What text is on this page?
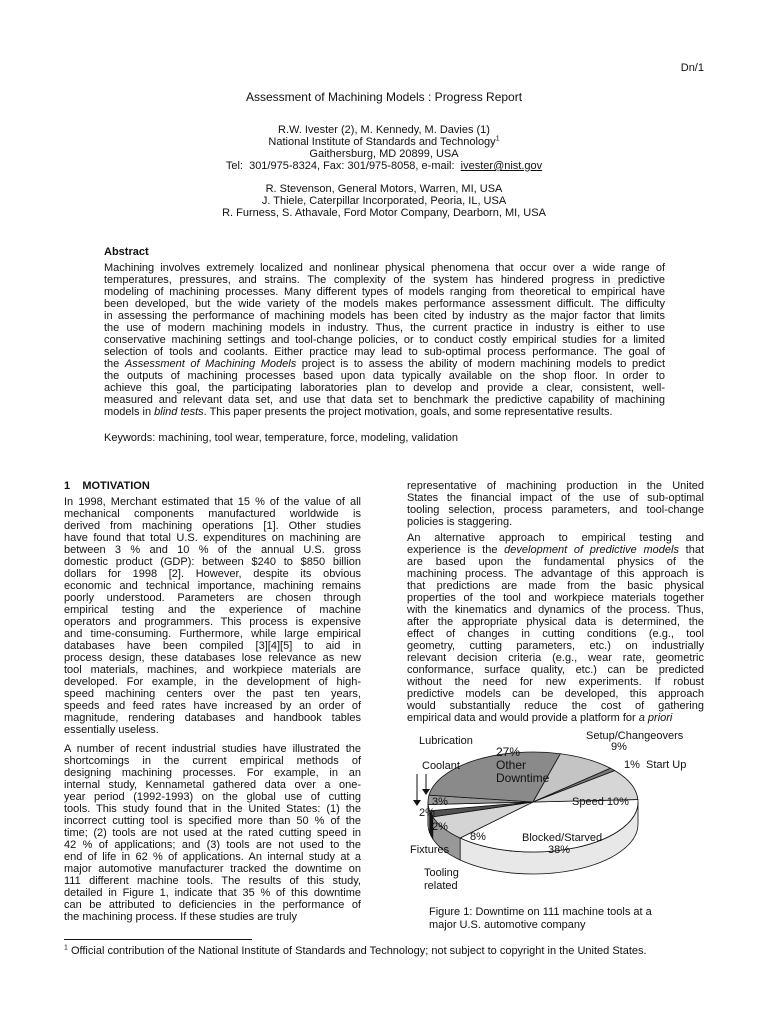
Dn/1
Assessment of Machining Models : Progress Report
R.W. Ivester (2), M. Kennedy, M. Davies (1)
National Institute of Standards and Technology$^1$
Gaithersburg, MD 20899, USA
Tel:  301/975-8324, Fax: 301/975-8058, e-mail:  ivester@nist.gov
R. Stevenson, General Motors, Warren, MI, USA
J. Thiele, Caterpillar Incorporated, Peoria, IL, USA
R. Furness, S. Athavale, Ford Motor Company, Dearborn, MI, USA
Abstract
Machining involves extremely localized and nonlinear physical phenomena that occur over a wide range of
temperatures, pressures, and strains. The complexity of the system has hindered progress in predictive
modeling of machining processes. Many different types of models ranging from theoretical to empirical have
been developed, but the wide variety of the models makes performance assessment difficult. The difficulty
in assessing the performance of machining models has been cited by industry as the major factor that limits
the use of modern machining models in industry. Thus, the current practice in industry is either to use
conservative machining settings and tool-change policies, or to conduct costly empirical studies for a limited
selection of tools and coolants. Either practice may lead to sub-optimal process performance. The goal of
the Assessment of Machining Models project is to assess the ability of modern machining models to predict
the outputs of machining processes based upon data typically available on the shop floor. In order to
achieve this goal, the participating laboratories plan to develop and provide a clear, consistent, well-
measured and relevant data set, and use that data set to benchmark the predictive capability of machining
models in blind tests. This paper presents the project motivation, goals, and some representative results.
Keywords: machining, tool wear, temperature, force, modeling, validation
1    MOTIVATION
In 1998, Merchant estimated that 15 % of the value of all
mechanical components manufactured worldwide is
derived from machining operations [1]. Other studies
have found that total U.S. expenditures on machining are
between 3 % and 10 % of the annual U.S. gross
domestic product (GDP): between $240 to $850 billion
dollars for 1998 [2]. However, despite its obvious
economic and technical importance, machining remains
poorly understood. Parameters are chosen through
empirical testing and the experience of machine
operators and programmers. This process is expensive
and time-consuming. Furthermore, while large empirical
databases have been compiled [3][4][5] to aid in
process design, these databases lose relevance as new
tool materials, machines, and workpiece materials are
developed. For example, in the development of high-
speed machining centers over the past ten years,
speeds and feed rates have increased by an order of
magnitude, rendering databases and handbook tables
essentially useless.
A number of recent industrial studies have illustrated the
shortcomings in the current empirical methods of
designing machining processes. For example, in an
internal study, Kennametal gathered data over a one-
year period (1992-1993) on the global use of cutting
tools. This study found that in the United States: (1) the
incorrect cutting tool is specified more than 50 % of the
time; (2) tools are not used at the rated cutting speed in
42 % of applications; and (3) tools are not used to the
end of life in 62 % of applications. An internal study at a
major automotive manufacturer tracked the downtime on
111 different machine tools. The results of this study,
detailed in Figure 1, indicate that 35 % of this downtime
can be attributed to deficiencies in the performance of
the machining process. If these studies are truly
representative of machining production in the United
States the financial impact of the use of sub-optimal
tooling selection, process parameters, and tool-change
policies is staggering.
An alternative approach to empirical testing and
experience is the development of predictive models that
are based upon the fundamental physics of the
machining process. The advantage of this approach is
that predictions are made from the basic physical
properties of the tool and workpiece materials together
with the kinematics and dynamics of the process. Thus,
after the appropriate physical data is determined, the
effect of changes in cutting conditions (e.g., tool
geometry, cutting parameters, etc.) on industrially
relevant decision criteria (e.g., wear rate, geometric
conformance, surface quality, etc.) can be predicted
without the need for new experiments. If robust
predictive models can be developed, this approach
would substantially reduce the cost of gathering
empirical data and would provide a platform for a priori
Lubrication
Coolant
3%
2%
2%
Fixtures
Tooling
related
27%
Other
Downtime
Setup/Changeovers
9%
1%  Start Up
Speed 10%
8%	Blocked/Starved
38%
Figure 1: Downtime on 111 machine tools at a
major U.S. automotive company
$^1$ Official contribution of the National Institute of Standards and Technology; not subject to copyright in the United States.
